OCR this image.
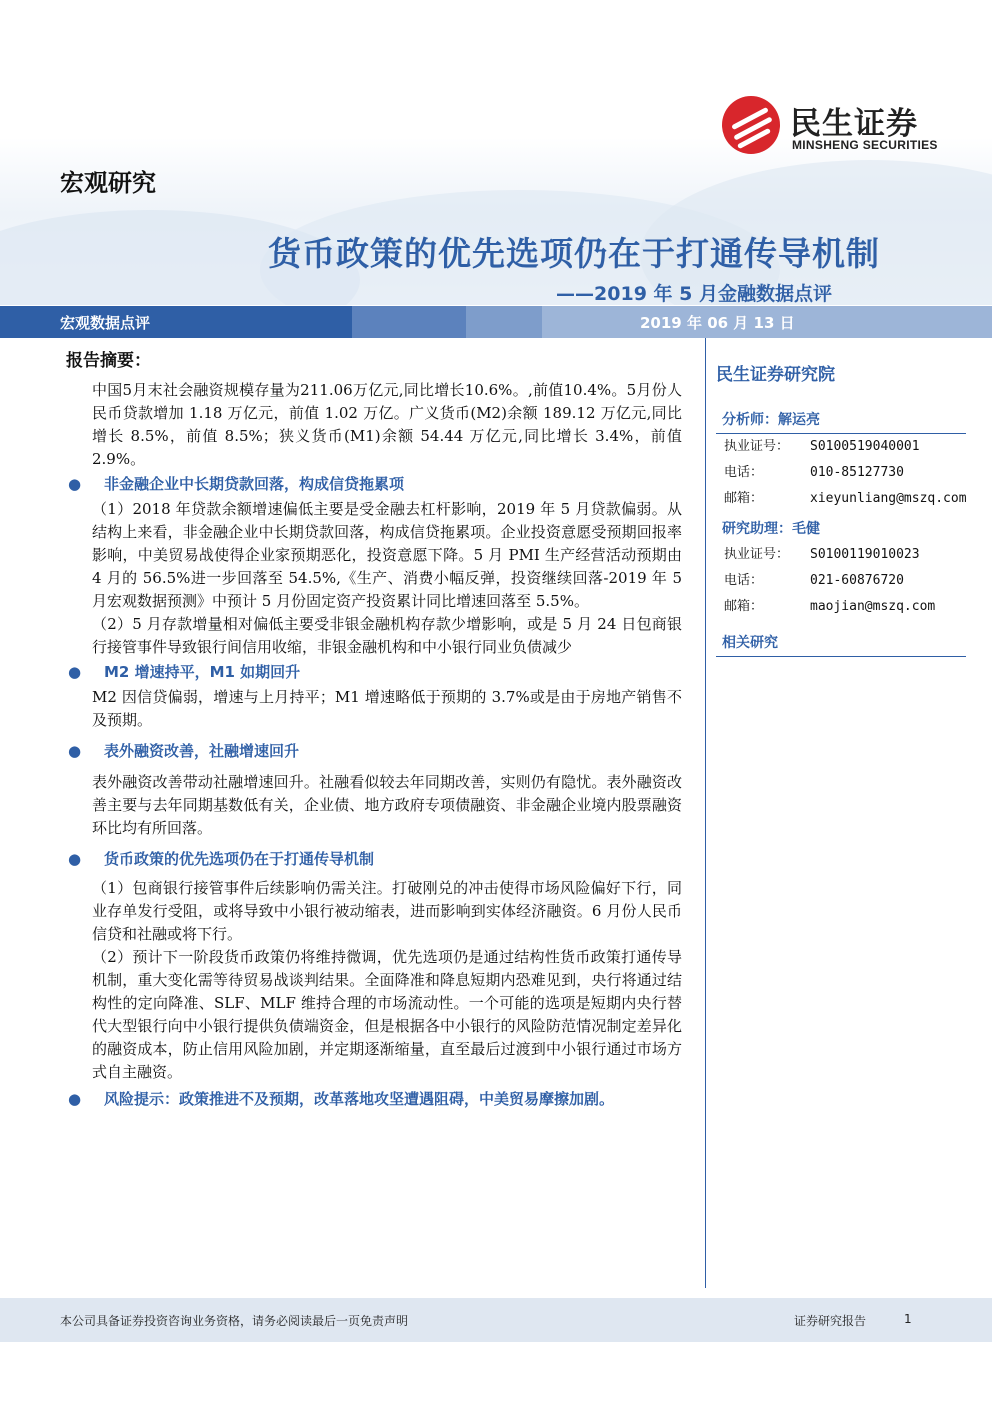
民生证券
MINSHENG SECURITIES
宏观研究
货币政策的优先选项仍在于打通传导机制
——2019 年 5 月金融数据点评
宏观数据点评	2019 年 06 月 13 日
报告摘要：

中国5月末社会融资规模存量为211.06万亿元,同比增长10.6%。,前值10.4%。5月份人民币贷款增加 1.18 万亿元，前值 1.02 万亿。广义货币(M2)余额 189.12 万亿元,同比增长 8.5%，前值 8.5%；狭义货币(M1)余额 54.44 万亿元,同比增长 3.4%，前值 2.9%。

● 非金融企业中长期贷款回落，构成信贷拖累项

（1）2018 年贷款余额增速偏低主要是受金融去杠杆影响，2019 年 5 月贷款偏弱。从结构上来看，非金融企业中长期贷款回落，构成信贷拖累项。企业投资意愿受预期回报率影响，中美贸易战使得企业家预期恶化，投资意愿下降。5 月 PMI 生产经营活动预期由 4 月的 56.5%进一步回落至 54.5%,《生产、消费小幅反弹，投资继续回落-2019 年 5 月宏观数据预测》中预计 5 月份固定资产投资累计同比增速回落至 5.5%。

（2）5 月存款增量相对偏低主要受非银金融机构存款少增影响，或是 5 月 24 日包商银行接管事件导致银行间信用收缩，非银金融机构和中小银行同业负债减少

● M2 增速持平，M1 如期回升

M2 因信贷偏弱，增速与上月持平；M1 增速略低于预期的 3.7%或是由于房地产销售不及预期。

● 表外融资改善，社融增速回升

表外融资改善带动社融增速回升。社融看似较去年同期改善，实则仍有隐忧。表外融资改善主要与去年同期基数低有关，企业债、地方政府专项债融资、非金融企业境内股票融资环比均有所回落。

● 货币政策的优先选项仍在于打通传导机制

（1）包商银行接管事件后续影响仍需关注。打破刚兑的冲击使得市场风险偏好下行，同业存单发行受阻，或将导致中小银行被动缩表，进而影响到实体经济融资。6 月份人民币信贷和社融或将下行。

（2）预计下一阶段货币政策仍将维持微调，优先选项仍是通过结构性货币政策打通传导机制，重大变化需等待贸易战谈判结果。全面降准和降息短期内恐难见到，央行将通过结构性的定向降准、SLF、MLF 维持合理的市场流动性。一个可能的选项是短期内央行替代大型银行向中小银行提供负债端资金，但是根据各中小银行的风险防范情况制定差异化的融资成本，防止信用风险加剧，并定期逐渐缩量，直至最后过渡到中小银行通过市场方式自主融资。

● 风险提示：政策推进不及预期，改革落地攻坚遭遇阻碍，中美贸易摩擦加剧。
民生证券研究院
分析师：解运亮
执业证号： S0100519040001
电话：	010-85127730
邮箱：	xieyunliang@mszq.com
研究助理：毛健
执业证号： S0100119010023
电话：	021-60876720
邮箱：	maojian@mszq.com
相关研究
本公司具备证券投资咨询业务资格，请务必阅读最后一页免责声明	证券研究报告	1
